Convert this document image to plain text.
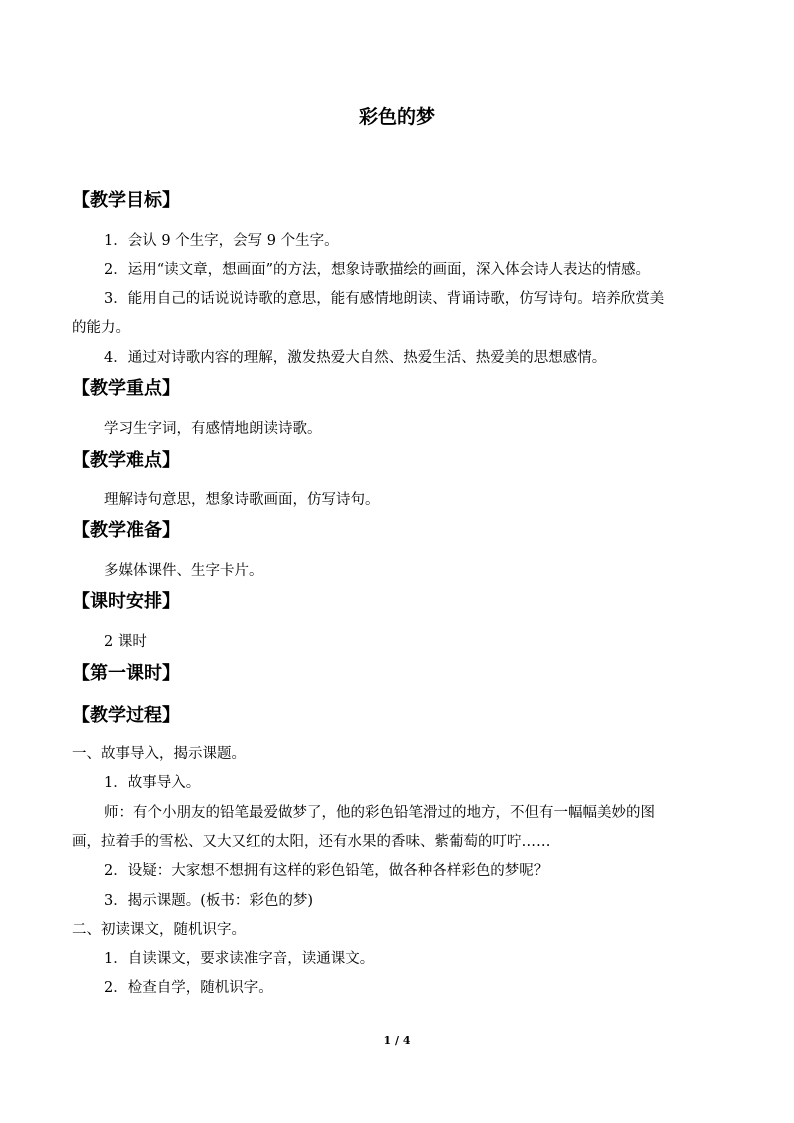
彩色的梦
【教学目标】
1．会认 9 个生字，会写 9 个生字。
2．运用“读文章，想画面”的方法，想象诗歌描绘的画面，深入体会诗人表达的情感。
3．能用自己的话说说诗歌的意思，能有感情地朗读、背诵诗歌，仿写诗句。培养欣赏美
的能力。
4．通过对诗歌内容的理解，激发热爱大自然、热爱生活、热爱美的思想感情。
【教学重点】
学习生字词，有感情地朗读诗歌。
【教学难点】
理解诗句意思，想象诗歌画面，仿写诗句。
【教学准备】
多媒体课件、生字卡片。
【课时安排】
2 课时
【第一课时】
【教学过程】
一、故事导入，揭示课题。
1．故事导入。
师：有个小朋友的铅笔最爱做梦了，他的彩色铅笔滑过的地方，不但有一幅幅美妙的图
画，拉着手的雪松、又大又红的太阳，还有水果的香味、紫葡萄的叮咛……
2．设疑：大家想不想拥有这样的彩色铅笔，做各种各样彩色的梦呢？
3．揭示课题。(板书：彩色的梦)
二、初读课文，随机识字。
1．自读课文，要求读准字音，读通课文。
2．检查自学，随机识字。
1 / 4
